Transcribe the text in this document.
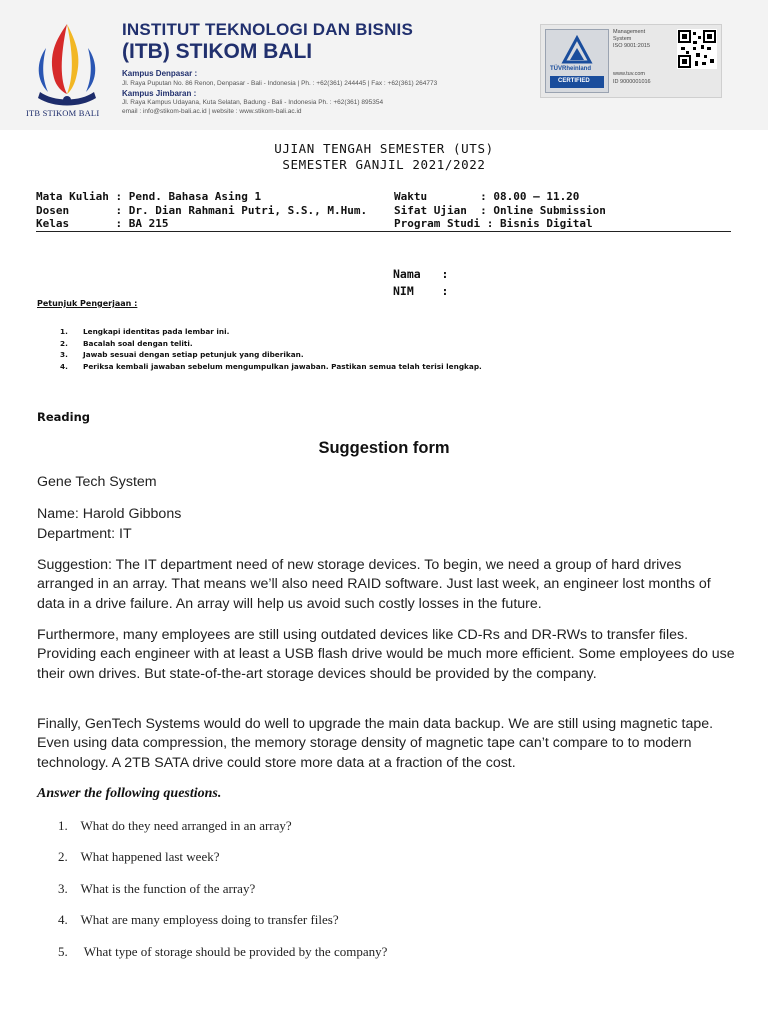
ITB STIKOM BALI
INSTITUT TEKNOLOGI DAN BISNIS
(ITB) STIKOM BALI
Kampus Denpasar :
Jl. Raya Puputan No. 86 Renon, Denpasar - Bali - Indonesia | Ph. : +62(361) 244445 | Fax : +62(361) 264773
Kampus Jimbaran :
Jl. Raya Kampus Udayana, Kuta Selatan, Badung - Bali - Indonesia Ph. : +62(361) 895354
email : info@stikom-bali.ac.id | website : www.stikom-bali.ac.id
TÜVRheinland
CERTIFIED
Management
System
ISO 9001:2015
www.tuv.com
ID 9000001016
UJIAN TENGAH SEMESTER (UTS)
SEMESTER GANJIL 2021/2022
Mata Kuliah : Pend. Bahasa Asing 1
Dosen       : Dr. Dian Rahmani Putri, S.S., M.Hum.
Kelas       : BA 215
Waktu        : 08.00 – 11.20
Sifat Ujian  : Online Submission
Program Studi : Bisnis Digital
Nama   :
NIM    :
Petunjuk Pengerjaan :
1. Lengkapi identitas pada lembar ini.
2. Bacalah soal dengan teliti.
3. Jawab sesuai dengan setiap petunjuk yang diberikan.
4. Periksa kembali jawaban sebelum mengumpulkan jawaban. Pastikan semua telah terisi lengkap.
Reading
Suggestion form
Gene Tech System
Name: Harold Gibbons
Department: IT
Suggestion: The IT department need of new storage devices. To begin, we need a group of hard drives arranged in an array. That means we’ll also need RAID software. Just last week, an engineer lost months of data in a drive failure. An array will help us avoid such costly losses in the future.
Furthermore, many employees are still using outdated devices like CD-Rs and DR-RWs to transfer files. Providing each engineer with at least a USB flash drive would be much more efficient. Some employees do use their own drives. But state-of-the-art storage devices should be provided by the company.
Finally, GenTech Systems would do well to upgrade the main data backup. We are still using magnetic tape. Even using data compression, the memory storage density of magnetic tape can’t compare to to modern technology. A 2TB SATA drive could store more data at a fraction of the cost.
Answer the following questions.
1.    What do they need arranged in an array?
2.    What happened last week?
3.    What is the function of the array?
4.    What are many employess doing to transfer files?
5.     What type of storage should be provided by the company?
